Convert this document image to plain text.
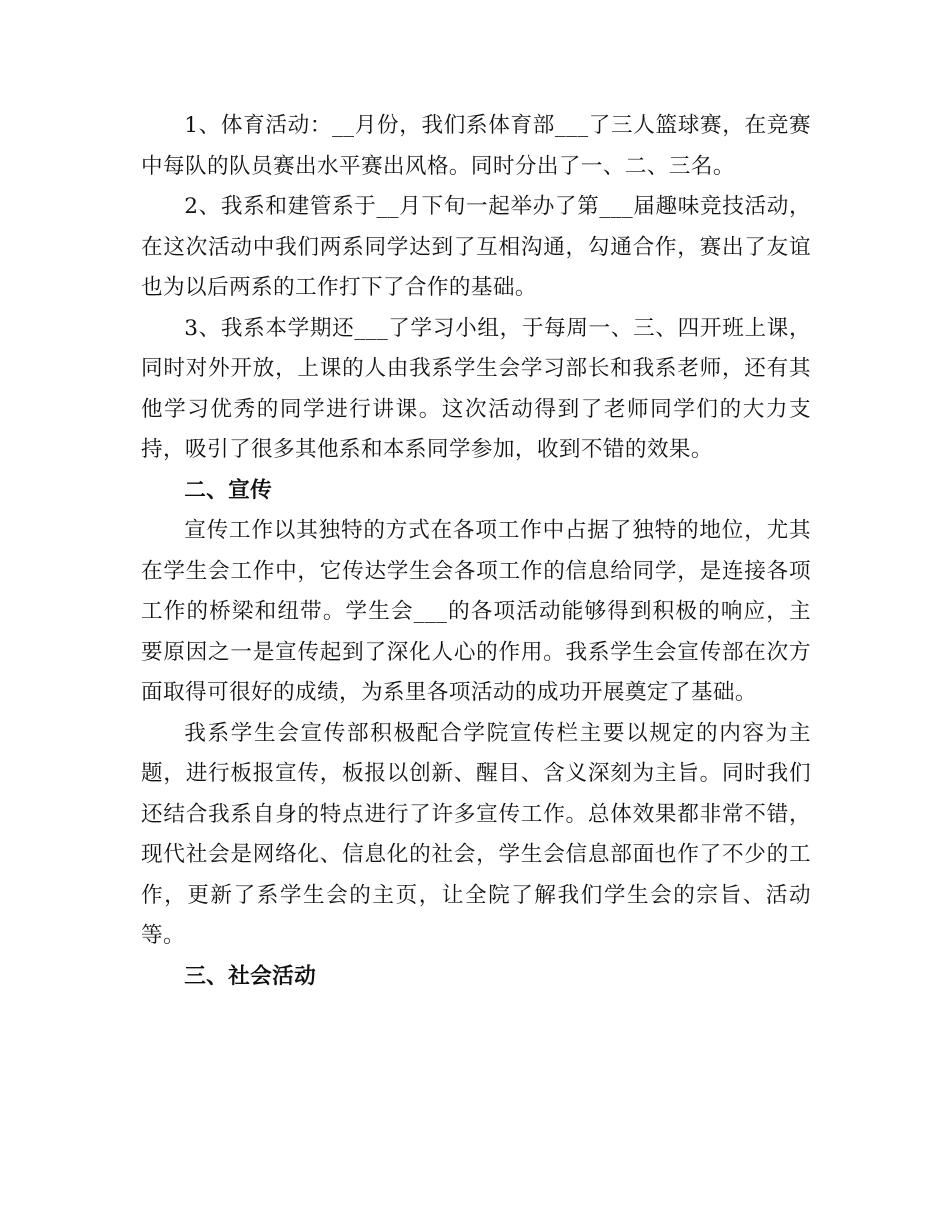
1、体育活动：__月份，我们系体育部___了三人篮球赛，在竞赛中每队的队员赛出水平赛出风格。同时分出了一、二、三名。

2、我系和建管系于__月下旬一起举办了第___届趣味竞技活动，在这次活动中我们两系同学达到了互相沟通，勾通合作，赛出了友谊也为以后两系的工作打下了合作的基础。

3、我系本学期还___了学习小组，于每周一、三、四开班上课，同时对外开放，上课的人由我系学生会学习部长和我系老师，还有其他学习优秀的同学进行讲课。这次活动得到了老师同学们的大力支持，吸引了很多其他系和本系同学参加，收到不错的效果。

二、宣传

宣传工作以其独特的方式在各项工作中占据了独特的地位，尤其在学生会工作中，它传达学生会各项工作的信息给同学，是连接各项工作的桥梁和纽带。学生会___的各项活动能够得到积极的响应，主要原因之一是宣传起到了深化人心的作用。我系学生会宣传部在次方面取得可很好的成绩，为系里各项活动的成功开展奠定了基础。

我系学生会宣传部积极配合学院宣传栏主要以规定的内容为主题，进行板报宣传，板报以创新、醒目、含义深刻为主旨。同时我们还结合我系自身的特点进行了许多宣传工作。总体效果都非常不错，现代社会是网络化、信息化的社会，学生会信息部面也作了不少的工作，更新了系学生会的主页，让全院了解我们学生会的宗旨、活动等。

三、社会活动
